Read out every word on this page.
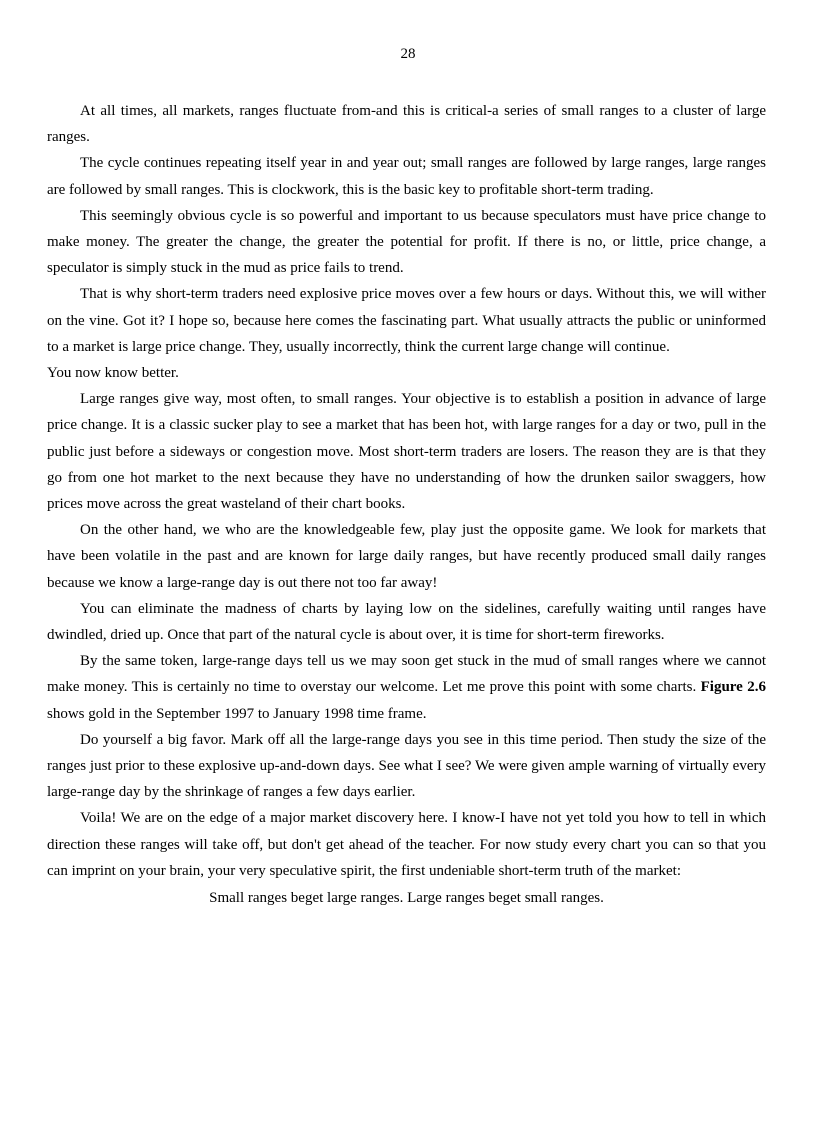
28

At all times, all markets, ranges fluctuate from-and this is critical-a series of small ranges to a cluster of large ranges.

The cycle continues repeating itself year in and year out; small ranges are followed by large ranges, large ranges are followed by small ranges. This is clockwork, this is the basic key to profitable short-term trading.

This seemingly obvious cycle is so powerful and important to us because speculators must have price change to make money. The greater the change, the greater the potential for profit. If there is no, or little, price change, a speculator is simply stuck in the mud as price fails to trend.

That is why short-term traders need explosive price moves over a few hours or days. Without this, we will wither on the vine. Got it? I hope so, because here comes the fascinating part. What usually attracts the public or uninformed to a market is large price change. They, usually incorrectly, think the current large change will continue.

You now know better.

Large ranges give way, most often, to small ranges. Your objective is to establish a position in advance of large price change. It is a classic sucker play to see a market that has been hot, with large ranges for a day or two, pull in the public just before a sideways or congestion move. Most short-term traders are losers. The reason they are is that they go from one hot market to the next because they have no understanding of how the drunken sailor swaggers, how prices move across the great wasteland of their chart books.

On the other hand, we who are the knowledgeable few, play just the opposite game. We look for markets that have been volatile in the past and are known for large daily ranges, but have recently produced small daily ranges because we know a large-range day is out there not too far away!

You can eliminate the madness of charts by laying low on the sidelines, carefully waiting until ranges have dwindled, dried up. Once that part of the natural cycle is about over, it is time for short-term fireworks.

By the same token, large-range days tell us we may soon get stuck in the mud of small ranges where we cannot make money. This is certainly no time to overstay our welcome. Let me prove this point with some charts. Figure 2.6 shows gold in the September 1997 to January 1998 time frame.

Do yourself a big favor. Mark off all the large-range days you see in this time period. Then study the size of the ranges just prior to these explosive up-and-down days. See what I see? We were given ample warning of virtually every large-range day by the shrinkage of ranges a few days earlier.

Voila! We are on the edge of a major market discovery here. I know-I have not yet told you how to tell in which direction these ranges will take off, but don't get ahead of the teacher. For now study every chart you can so that you can imprint on your brain, your very speculative spirit, the first undeniable short-term truth of the market:

Small ranges beget large ranges. Large ranges beget small ranges.
